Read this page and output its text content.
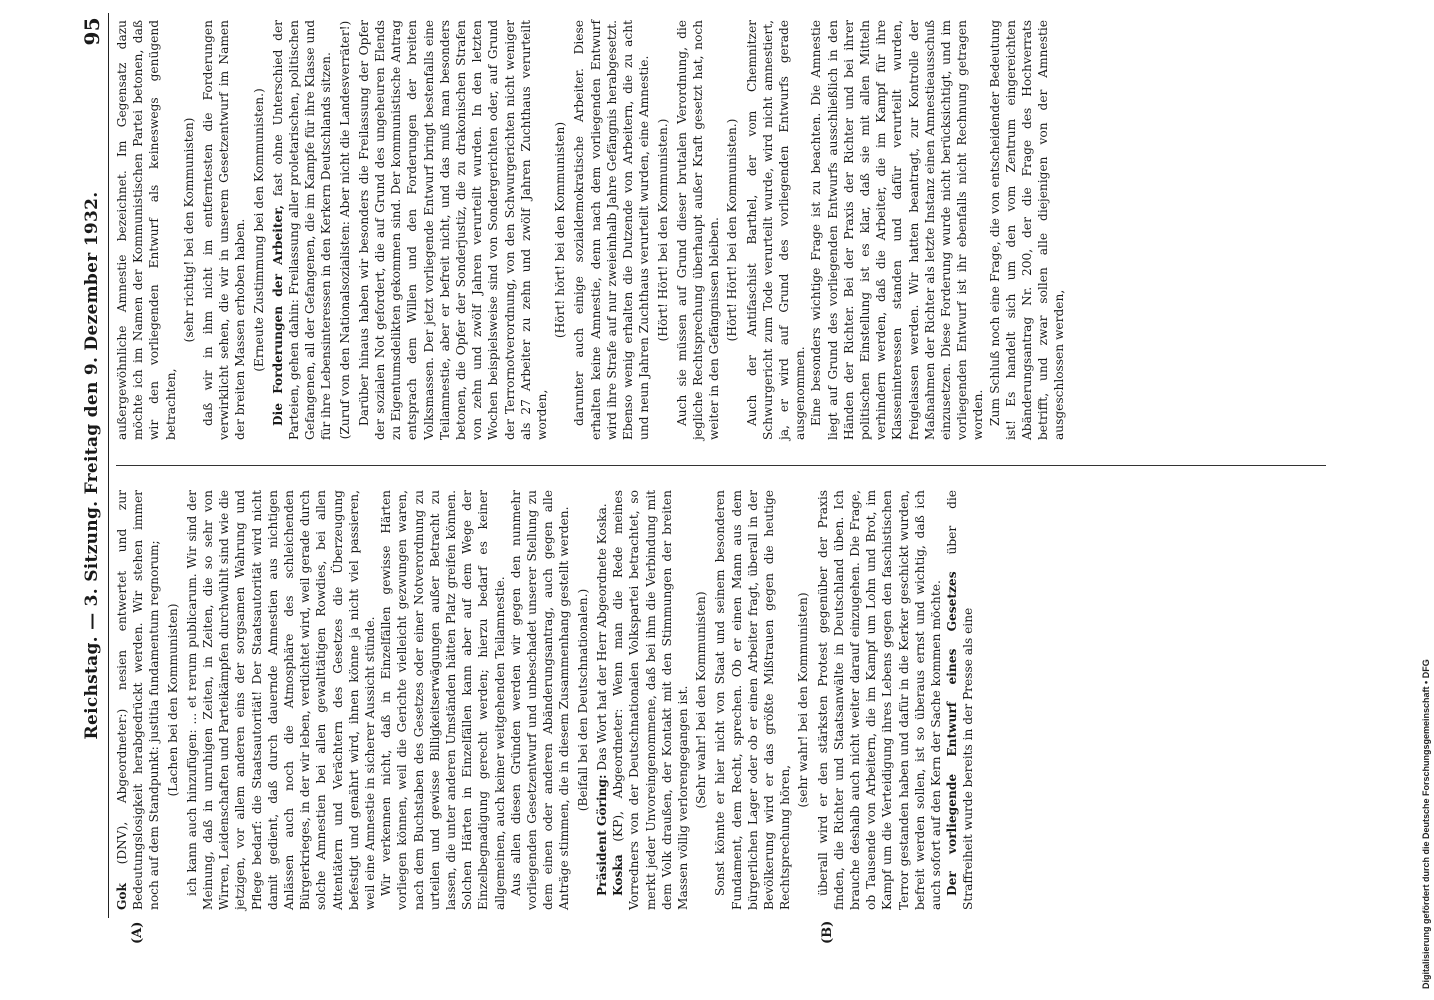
Reichstag. — 3. Sitzung. Freitag den 9. Dezember 1932.
95
(A)	(B)

Gok (DNV), Abgeordneter:) nesien entwertet und zur Bedeutungslosigkeit herabgedrückt werden. Wir stehen immer noch auf dem Standpunkt: justitia fundamentum regnorum; (Lachen bei den Kommunisten) ich kann auch hinzufügen: ... et rerum publicarum. Wir sind der Meinung, daß in unruhigen Zeiten, in Zeiten, die so sehr von Wirren, Leidenschaften und Parteikämpfen durchwühlt sind wie die jetzigen, vor allem anderen eins der sorgsamen Wahrung und Pflege bedarf: die Staatsautorität! Der Staatsautorität wird nicht damit gedient, daß durch dauernde Amnestien aus nichtigen Anlässen auch noch die Atmosphäre des schleichenden Bürgerkrieges, in der wir leben, verdichtet wird, weil gerade durch solche Amnestien bei allen gewalttätigen Rowdies, bei allen Attentätern und Verächtern des Gesetzes die Überzeugung befestigt und genährt wird, ihnen könne ja nicht viel passieren, weil eine Amnestie in sicherer Aussicht stünde. Wir verkennen nicht, daß in Einzelfällen gewisse Härten vorliegen können, weil die Gerichte vielleicht gezwungen waren, nach dem Buchstaben des Gesetzes oder einer Notverordnung zu urteilen und gewisse Billigkeitserwägungen außer Betracht zu lassen, die unter anderen Umständen hätten Platz greifen können. Solchen Härten in Einzelfällen kann aber auf dem Wege der Einzelbegnadigung gerecht werden; hierzu bedarf es keiner allgemeinen, auch keiner weitgehenden Teilamnestie. Aus allen diesen Gründen werden wir gegen den nunmehr vorliegenden Gesetzentwurf und unbeschadet unserer Stellung zu dem einen oder anderen Abänderungsantrag, auch gegen alle Anträge stimmen, die in diesem Zusammenhang gestellt werden. (Beifall bei den Deutschnationalen.)

Präsident Göring: Das Wort hat der Herr Abgeordnete Koska.

Koska (KP), Abgeordneter: Wenn man die Rede meines Vorredners von der Deutschnationalen Volkspartei betrachtet, so merkt jeder Unvoreingenommene, daß bei ihm die Verbindung mit dem Volk draußen, der Kontakt mit den Stimmungen der breiten Massen völlig verlorengegangen ist. (Sehr wahr! bei den Kommunisten) Sonst könnte er hier nicht von Staat und seinem besonderen Fundament, dem Recht, sprechen. Ob er einen Mann aus dem bürgerlichen Lager oder ob er einen Arbeiter fragt, überall in der Bevölkerung wird er das größte Mißtrauen gegen die heutige Rechtsprechung hören,

(sehr wahr! bei den Kommunisten) überall wird er den stärksten Protest gegenüber der Praxis finden, die Richter und Staatsanwälte in Deutschland üben. Ich brauche deshalb auch nicht weiter darauf einzugehen. Die Frage, ob Tausende von Arbeitern, die im Kampf um Lohn und Brot, im Kampf um die Verteidigung ihres Lebens gegen den faschistischen Terror gestanden haben und dafür in die Kerker geschickt wurden, befreit werden sollen, ist so überaus ernst und wichtig, daß ich auch sofort auf den Kern der Sache kommen möchte. Der vorliegende Entwurf eines Gesetzes über die Straffreiheit wurde bereits in der Presse als eine

außergewöhnliche Amnestie bezeichnet. Im Gegensatz dazu möchte ich im Namen der Kommunistischen Partei betonen, daß wir den vorliegenden Entwurf als keineswegs genügend betrachten,

(sehr richtig! bei den Kommunisten) daß wir in ihm nicht im entferntesten die Forderungen verwirklicht sehen, die wir in unserem Gesetzentwurf im Namen der breiten Massen erhoben haben. (Erneute Zustimmung bei den Kommunisten.) Die Forderungen der Arbeiter, fast ohne Unterschied der Parteien, gehen dahin: Freilassung aller proletarischen, politischen Gefangenen, all der Gefangenen, die im Kampfe für ihre Klasse und für ihre Lebensinteressen in den Kerkern Deutschlands sitzen. (Zuruf von den Nationalsozialisten: Aber nicht die Landesverräter!) Darüber hinaus haben wir besonders die Freilassung der Opfer der sozialen Not gefordert, die auf Grund des ungeheuren Elends zu Eigentumsdelikten gekommen sind. Der kommunistische Antrag entsprach dem Willen und den Forderungen der breiten Volksmassen. Der jetzt vorliegende Entwurf bringt bestenfalls eine Teilamnestie, aber er befreit nicht, und das muß man besonders betonen, die Opfer der Sonderjustiz, die zu drakonischen Strafen von zehn und zwölf Jahren verurteilt wurden. In den letzten Wochen beispielsweise sind von Sondergerichten oder, auf Grund der Terrornotverordnung, von den Schwurgerichten nicht weniger als 27 Arbeiter zu zehn und zwölf Jahren Zuchthaus verurteilt worden,

(Hört! hört! bei den Kommunisten) darunter auch einige sozialdemokratische Arbeiter. Diese erhalten keine Amnestie, denn nach dem vorliegenden Entwurf wird ihre Strafe auf nur zweieinhalb Jahre Gefängnis herabgesetzt. Ebenso wenig erhalten die Dutzende von Arbeitern, die zu acht und neun Jahren Zuchthaus verurteilt wurden, eine Amnestie. (Hört! Hört! bei den Kommunisten.) Auch sie müssen auf Grund dieser brutalen Verordnung, die jegliche Rechtsprechung überhaupt außer Kraft gesetzt hat, noch weiter in den Gefängnissen bleiben. (Hört! Hört! bei den Kommunisten.) Auch der Antifaschist Barthel, der vom Chemnitzer Schwurgericht zum Tode verurteilt wurde, wird nicht amnestiert, ja, er wird auf Grund des vorliegenden Entwurfs gerade ausgenommen. Eine besonders wichtige Frage ist zu beachten. Die Amnestie liegt auf Grund des vorliegenden Entwurfs ausschließlich in den Händen der Richter. Bei der Praxis der Richter und bei ihrer politischen Einstellung ist es klar, daß sie mit allen Mitteln verhindern werden, daß die Arbeiter, die im Kampf für ihre Klasseninteressen standen und dafür verurteilt wurden, freigelassen werden. Wir hatten beantragt, zur Kontrolle der Maßnahmen der Richter als letzte Instanz einen Amnestieausschuß einzusetzen. Diese Forderung wurde nicht berücksichtigt, und im vorliegenden Entwurf ist ihr ebenfalls nicht Rechnung getragen worden. Zum Schluß noch eine Frage, die von entscheidender Bedeutung ist! Es handelt sich um den vom Zentrum eingereichten Abänderungsantrag Nr. 200, der die Frage des Hochverrats betrifft, und zwar sollen alle diejenigen von der Amnestie ausgeschlossen werden,

Digitalisierung gefördert durch die Deutsche Forschungsgemeinschaft • DFG
